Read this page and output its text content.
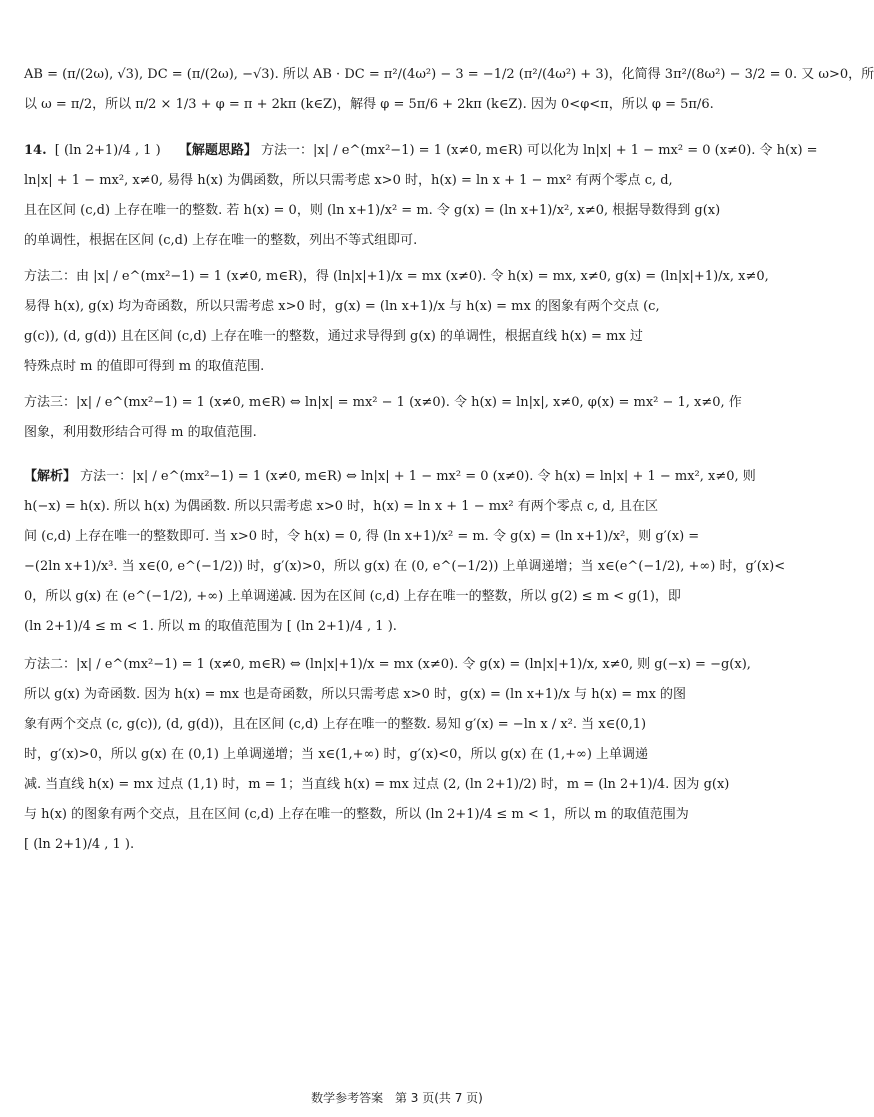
AB = (π/(2ω), √3), DC = (π/(2ω), −√3). 所以 AB · DC = π²/(4ω²) − 3 = −1/2 (π²/(4ω²) + 3)，化简得 3π²/(8ω²) − 3/2 = 0. 又 ω>0，所
以 ω = π/2，所以 π/2 × 1/3 + φ = π + 2kπ (k∈Z)，解得 φ = 5π/6 + 2kπ (k∈Z). 因为 0<φ<π，所以 φ = 5π/6.
14. [ (ln 2+1)/4 , 1 ) 【解题思路】 方法一：|x| / e^(mx²−1) = 1 (x≠0, m∈R) 可以化为 ln|x| + 1 − mx² = 0 (x≠0). 令 h(x) =
ln|x| + 1 − mx², x≠0, 易得 h(x) 为偶函数，所以只需考虑 x>0 时，h(x) = ln x + 1 − mx² 有两个零点 c, d,
且在区间 (c,d) 上存在唯一的整数. 若 h(x) = 0，则 (ln x+1)/x² = m. 令 g(x) = (ln x+1)/x², x≠0, 根据导数得到 g(x)
的单调性，根据在区间 (c,d) 上存在唯一的整数，列出不等式组即可.
方法二：由 |x| / e^(mx²−1) = 1 (x≠0, m∈R)，得 (ln|x|+1)/x = mx (x≠0). 令 h(x) = mx, x≠0, g(x) = (ln|x|+1)/x, x≠0,
易得 h(x), g(x) 均为奇函数，所以只需考虑 x>0 时，g(x) = (ln x+1)/x 与 h(x) = mx 的图象有两个交点 (c,
g(c)), (d, g(d)) 且在区间 (c,d) 上存在唯一的整数，通过求导得到 g(x) 的单调性，根据直线 h(x) = mx 过
特殊点时 m 的值即可得到 m 的取值范围.
方法三：|x| / e^(mx²−1) = 1 (x≠0, m∈R) ⇔ ln|x| = mx² − 1 (x≠0). 令 h(x) = ln|x|, x≠0, φ(x) = mx² − 1, x≠0, 作
图象，利用数形结合可得 m 的取值范围.
【解析】 方法一：|x| / e^(mx²−1) = 1 (x≠0, m∈R) ⇔ ln|x| + 1 − mx² = 0 (x≠0). 令 h(x) = ln|x| + 1 − mx², x≠0, 则
h(−x) = h(x). 所以 h(x) 为偶函数. 所以只需考虑 x>0 时，h(x) = ln x + 1 − mx² 有两个零点 c, d, 且在区
间 (c,d) 上存在唯一的整数即可. 当 x>0 时，令 h(x) = 0, 得 (ln x+1)/x² = m. 令 g(x) = (ln x+1)/x²，则 g′(x) =
−(2ln x+1)/x³. 当 x∈(0, e^(−1/2)) 时，g′(x)>0，所以 g(x) 在 (0, e^(−1/2)) 上单调递增；当 x∈(e^(−1/2), +∞) 时，g′(x)<
0，所以 g(x) 在 (e^(−1/2), +∞) 上单调递减. 因为在区间 (c,d) 上存在唯一的整数，所以 g(2) ≤ m < g(1)，即
(ln 2+1)/4 ≤ m < 1. 所以 m 的取值范围为 [ (ln 2+1)/4 , 1 ).
方法二：|x| / e^(mx²−1) = 1 (x≠0, m∈R) ⇔ (ln|x|+1)/x = mx (x≠0). 令 g(x) = (ln|x|+1)/x, x≠0, 则 g(−x) = −g(x),
所以 g(x) 为奇函数. 因为 h(x) = mx 也是奇函数，所以只需考虑 x>0 时，g(x) = (ln x+1)/x 与 h(x) = mx 的图
象有两个交点 (c, g(c)), (d, g(d))，且在区间 (c,d) 上存在唯一的整数. 易知 g′(x) = −ln x / x². 当 x∈(0,1)
时，g′(x)>0，所以 g(x) 在 (0,1) 上单调递增；当 x∈(1,+∞) 时，g′(x)<0，所以 g(x) 在 (1,+∞) 上单调递
减. 当直线 h(x) = mx 过点 (1,1) 时，m = 1；当直线 h(x) = mx 过点 (2, (ln 2+1)/2) 时，m = (ln 2+1)/4. 因为 g(x)
与 h(x) 的图象有两个交点，且在区间 (c,d) 上存在唯一的整数，所以 (ln 2+1)/4 ≤ m < 1，所以 m 的取值范围为
[ (ln 2+1)/4 , 1 ).
数学参考答案 第 3 页(共 7 页)
